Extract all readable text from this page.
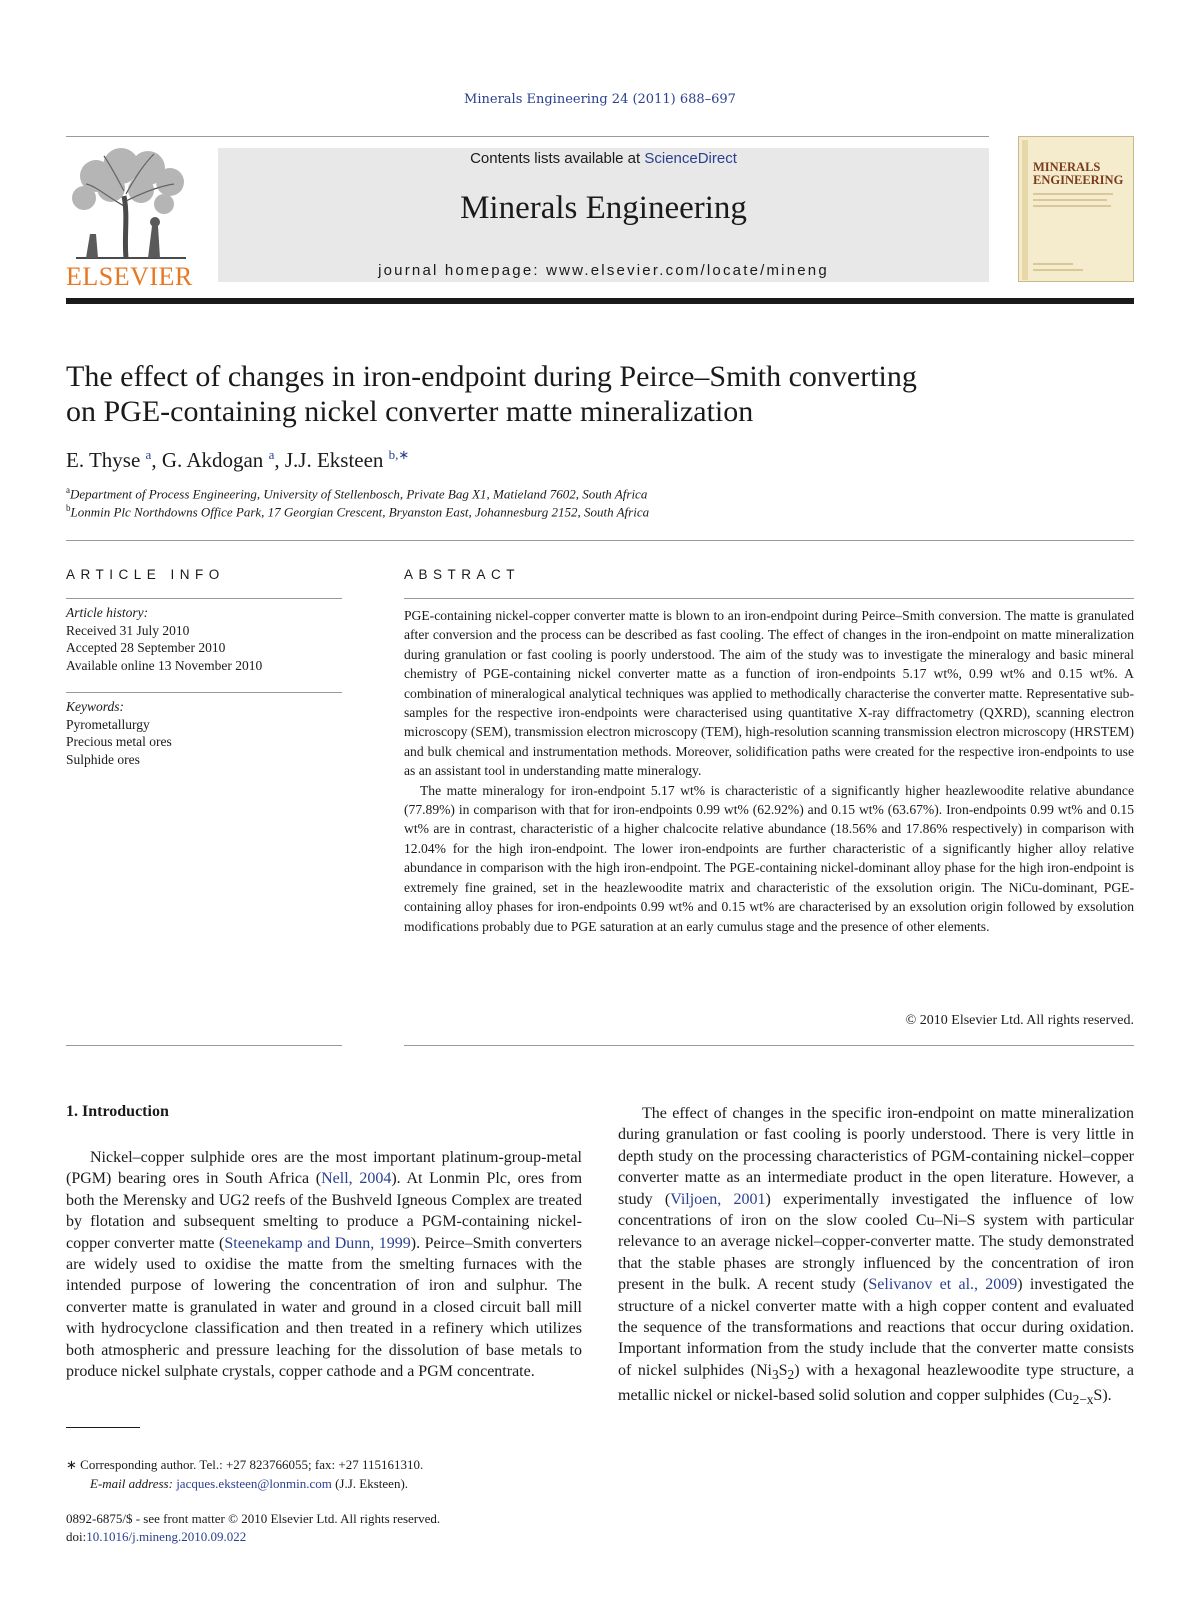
Minerals Engineering 24 (2011) 688–697
ELSEVIER
Contents lists available at ScienceDirect
Minerals Engineering
journal homepage: www.elsevier.com/locate/mineng
MINERALS
ENGINEERING
The effect of changes in iron-endpoint during Peirce–Smith converting
on PGE-containing nickel converter matte mineralization
E. Thyse $^a$, G. Akdogan $^a$, J.J. Eksteen $^{b,∗}$
$^a$Department of Process Engineering, University of Stellenbosch, Private Bag X1, Matieland 7602, South Africa
$^b$Lonmin Plc Northdowns Office Park, 17 Georgian Crescent, Bryanston East, Johannesburg 2152, South Africa
ARTICLE INFO
Article history:
Received 31 July 2010
Accepted 28 September 2010
Available online 13 November 2010
Keywords:
Pyrometallurgy
Precious metal ores
Sulphide ores
ABSTRACT

PGE-containing nickel-copper converter matte is blown to an iron-endpoint during Peirce–Smith conversion. The matte is granulated after conversion and the process can be described as fast cooling. The effect of changes in the iron-endpoint on matte mineralization during granulation or fast cooling is poorly understood. The aim of the study was to investigate the mineralogy and basic mineral chemistry of PGE-containing nickel converter matte as a function of iron-endpoints 5.17 wt%, 0.99 wt% and 0.15 wt%. A combination of mineralogical analytical techniques was applied to methodically characterise the converter matte. Representative sub-samples for the respective iron-endpoints were characterised using quantitative X-ray diffractometry (QXRD), scanning electron microscopy (SEM), transmission electron microscopy (TEM), high-resolution scanning transmission electron microscopy (HRSTEM) and bulk chemical and instrumentation methods. Moreover, solidification paths were created for the respective iron-endpoints to use as an assistant tool in understanding matte mineralogy.

The matte mineralogy for iron-endpoint 5.17 wt% is characteristic of a significantly higher heazlewoodite relative abundance (77.89%) in comparison with that for iron-endpoints 0.99 wt% (62.92%) and 0.15 wt% (63.67%). Iron-endpoints 0.99 wt% and 0.15 wt% are in contrast, characteristic of a higher chalcocite relative abundance (18.56% and 17.86% respectively) in comparison with 12.04% for the high iron-endpoint. The lower iron-endpoints are further characteristic of a significantly higher alloy relative abundance in comparison with the high iron-endpoint. The PGE-containing nickel-dominant alloy phase for the high iron-endpoint is extremely fine grained, set in the heazlewoodite matrix and characteristic of the exsolution origin. The NiCu-dominant, PGE-containing alloy phases for iron-endpoints 0.99 wt% and 0.15 wt% are characterised by an exsolution origin followed by exsolution modifications probably due to PGE saturation at an early cumulus stage and the presence of other elements.

© 2010 Elsevier Ltd. All rights reserved.
1. Introduction

Nickel–copper sulphide ores are the most important platinum-group-metal (PGM) bearing ores in South Africa (Nell, 2004). At Lonmin Plc, ores from both the Merensky and UG2 reefs of the Bushveld Igneous Complex are treated by flotation and subsequent smelting to produce a PGM-containing nickel-copper converter matte (Steenekamp and Dunn, 1999). Peirce–Smith converters are widely used to oxidise the matte from the smelting furnaces with the intended purpose of lowering the concentration of iron and sulphur. The converter matte is granulated in water and ground in a closed circuit ball mill with hydrocyclone classification and then treated in a refinery which utilizes both atmospheric and pressure leaching for the dissolution of base metals to produce nickel sulphate crystals, copper cathode and a PGM concentrate.

∗ Corresponding author. Tel.: +27 823766055; fax: +27 115161310.
E-mail address: jacques.eksteen@lonmin.com (J.J. Eksteen).
0892-6875/$ - see front matter © 2010 Elsevier Ltd. All rights reserved.
doi:10.1016/j.mineng.2010.09.022

The effect of changes in the specific iron-endpoint on matte mineralization during granulation or fast cooling is poorly understood. There is very little in depth study on the processing characteristics of PGM-containing nickel–copper converter matte as an intermediate product in the open literature. However, a study (Viljoen, 2001) experimentally investigated the influence of low concentrations of iron on the slow cooled Cu–Ni–S system with particular relevance to an average nickel–copper-converter matte. The study demonstrated that the stable phases are strongly influenced by the concentration of iron present in the bulk. A recent study (Selivanov et al., 2009) investigated the structure of a nickel converter matte with a high copper content and evaluated the sequence of the transformations and reactions that occur during oxidation. Important information from the study include that the converter matte consists of nickel sulphides $(Ni_3S_2)$ with a hexagonal heazlewoodite type structure, a metallic nickel or nickel-based solid solution and copper sulphides $(Cu_{2-x}S)$.
